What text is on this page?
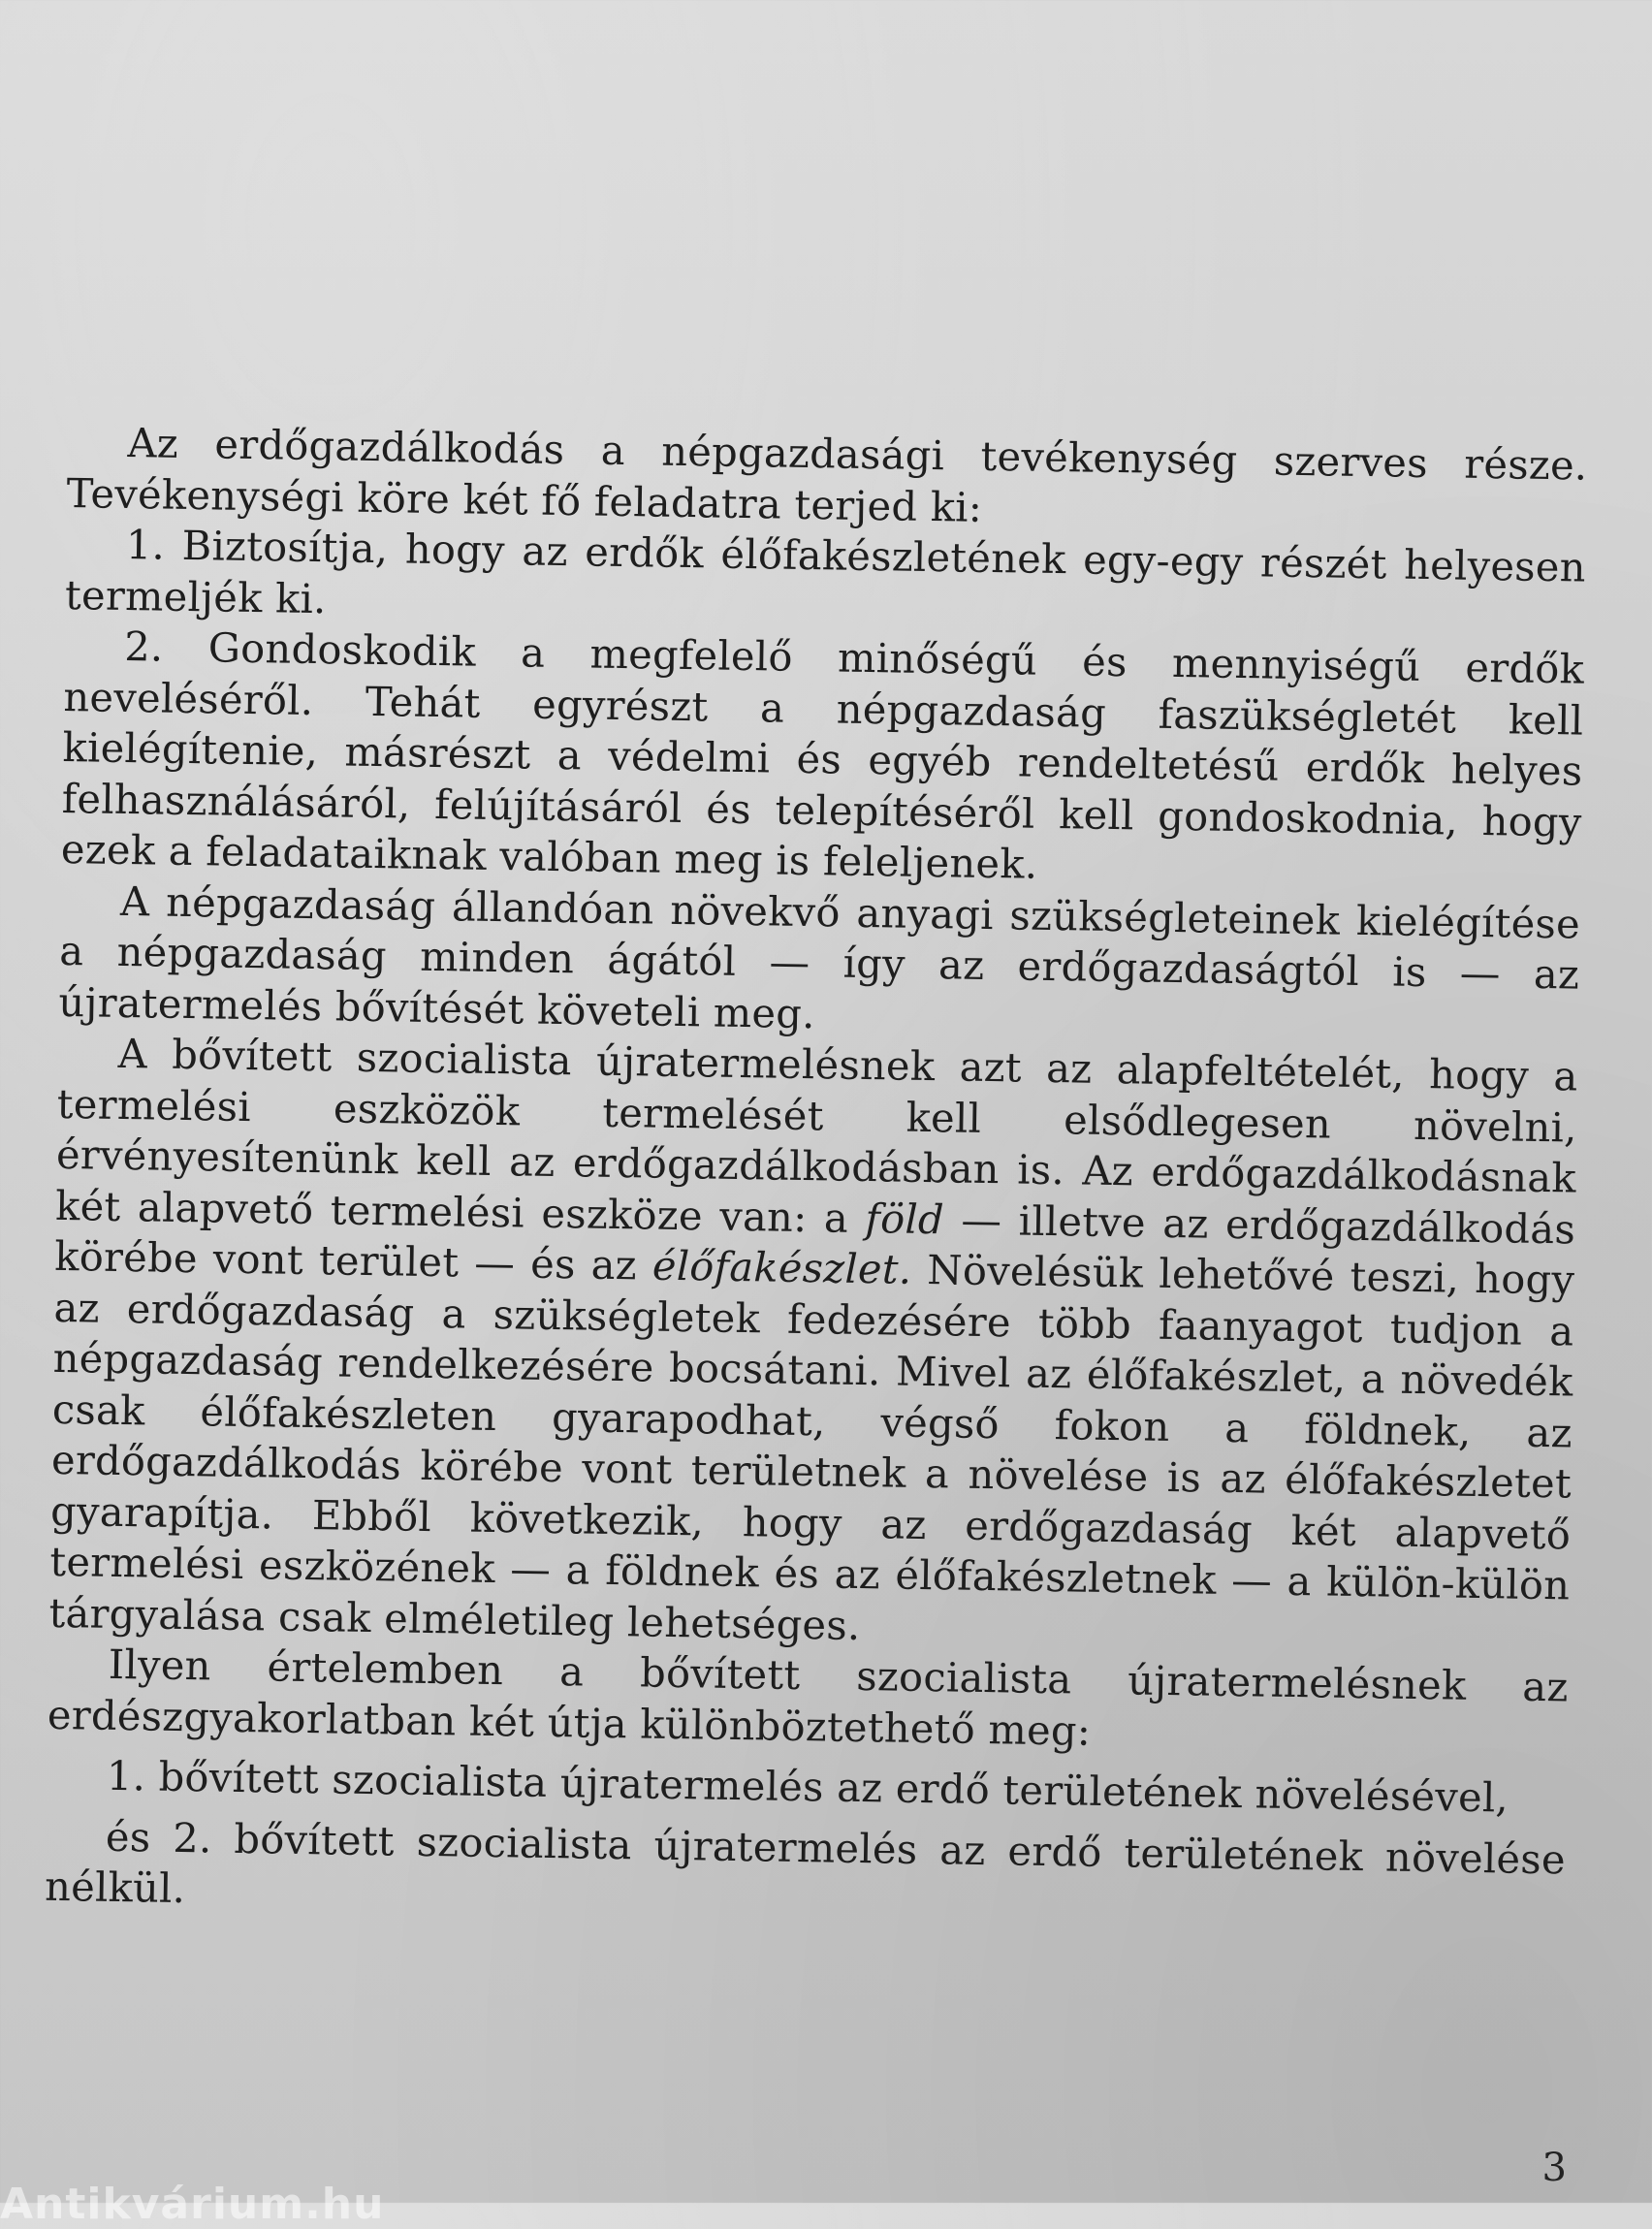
Az erdőgazdálkodás a népgazdasági tevékenység szerves része. Tevékenységi köre két fő feladatra terjed ki:

1. Biztosítja, hogy az erdők élőfakészletének egy-egy részét helyesen termeljék ki.

2. Gondoskodik a megfelelő minőségű és mennyiségű erdők neveléséről. Tehát egyrészt a népgazdaság faszükségletét kell kielégítenie, másrészt a védelmi és egyéb rendeltetésű erdők helyes felhasználásáról, felújításáról és telepítéséről kell gondoskodnia, hogy ezek a feladataiknak valóban meg is feleljenek.

A népgazdaság állandóan növekvő anyagi szükségleteinek kielégítése a népgazdaság minden ágától — így az erdőgazdaságtól is — az újratermelés bővítését követeli meg.

A bővített szocialista újratermelésnek azt az alapfeltételét, hogy a termelési eszközök termelését kell elsődlegesen növelni, érvényesítenünk kell az erdőgazdálkodásban is. Az erdőgazdálkodásnak két alapvető termelési eszköze van: a föld — illetve az erdőgazdálkodás körébe vont terület — és az élőfakészlet. Növelésük lehetővé teszi, hogy az erdőgazdaság a szükségletek fedezésére több faanyagot tudjon a népgazdaság rendelkezésére bocsátani. Mivel az élőfakészlet, a növedék csak élőfakészleten gyarapodhat, végső fokon a földnek, az erdőgazdálkodás körébe vont területnek a növelése is az élőfakészletet gyarapítja. Ebből következik, hogy az erdőgazdaság két alapvető termelési eszközének — a földnek és az élőfakészletnek — a külön-külön tárgyalása csak elméletileg lehetséges.

Ilyen értelemben a bővített szocialista újratermelésnek az erdészgyakorlatban két útja különböztethető meg:

1. bővített szocialista újratermelés az erdő területének növelésével,

és 2. bővített szocialista újratermelés az erdő területének növelése nélkül.

3
Antikvárium.hu
